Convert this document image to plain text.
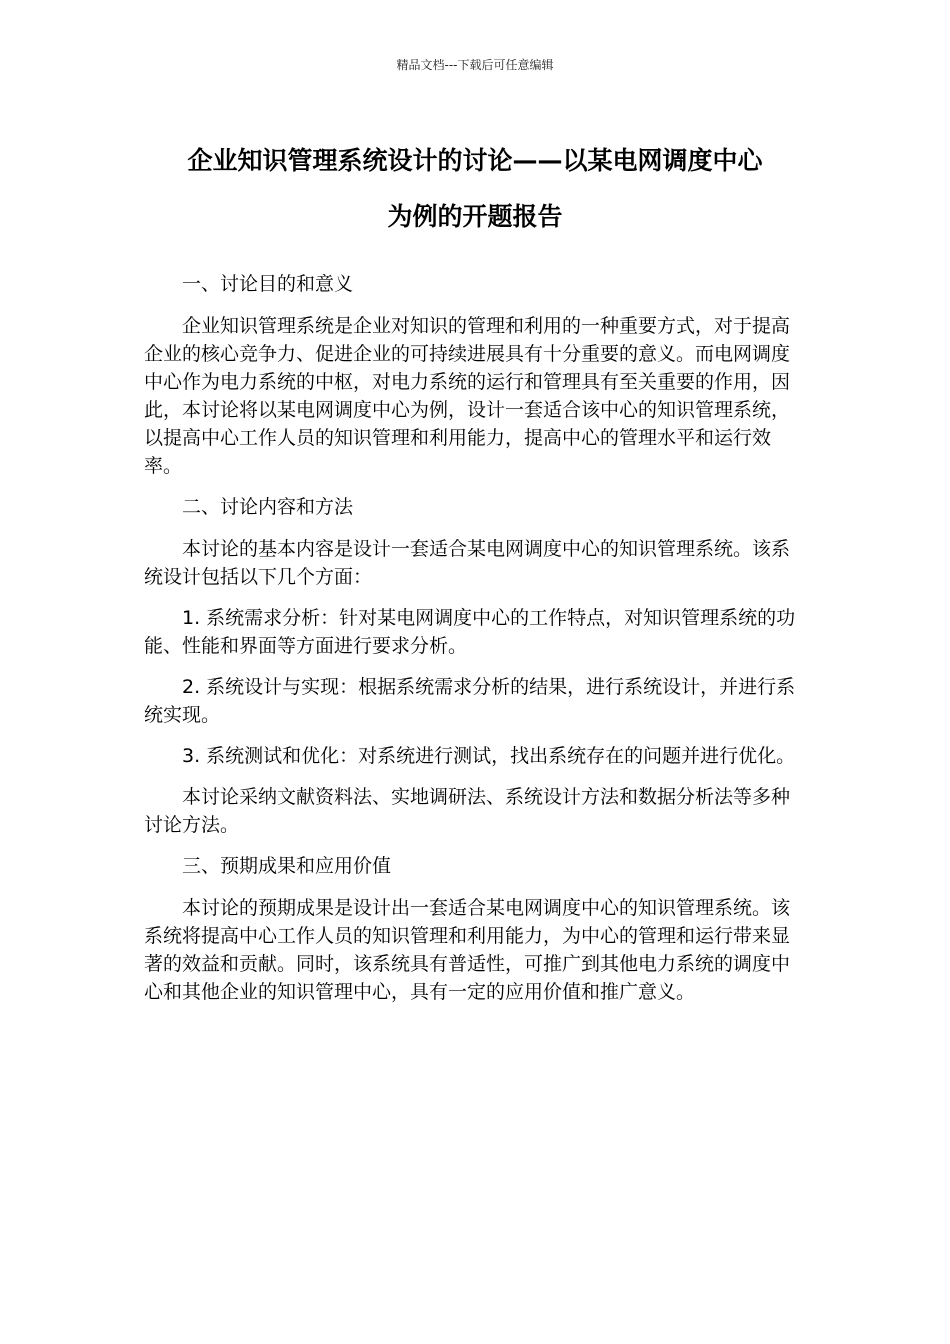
精品文档---下载后可任意编辑
企业知识管理系统设计的讨论——以某电网调度中心
为例的开题报告

一、讨论目的和意义

企业知识管理系统是企业对知识的管理和利用的一种重要方式，对于提高企业的核心竞争力、促进企业的可持续进展具有十分重要的意义。而电网调度中心作为电力系统的中枢，对电力系统的运行和管理具有至关重要的作用，因此，本讨论将以某电网调度中心为例，设计一套适合该中心的知识管理系统，以提高中心工作人员的知识管理和利用能力，提高中心的管理水平和运行效率。

二、讨论内容和方法

本讨论的基本内容是设计一套适合某电网调度中心的知识管理系统。该系统设计包括以下几个方面：

1. 系统需求分析：针对某电网调度中心的工作特点，对知识管理系统的功能、性能和界面等方面进行要求分析。

2. 系统设计与实现：根据系统需求分析的结果，进行系统设计，并进行系统实现。

3. 系统测试和优化：对系统进行测试，找出系统存在的问题并进行优化。

本讨论采纳文献资料法、实地调研法、系统设计方法和数据分析法等多种讨论方法。

三、预期成果和应用价值

本讨论的预期成果是设计出一套适合某电网调度中心的知识管理系统。该系统将提高中心工作人员的知识管理和利用能力，为中心的管理和运行带来显著的效益和贡献。同时，该系统具有普适性，可推广到其他电力系统的调度中心和其他企业的知识管理中心，具有一定的应用价值和推广意义。
